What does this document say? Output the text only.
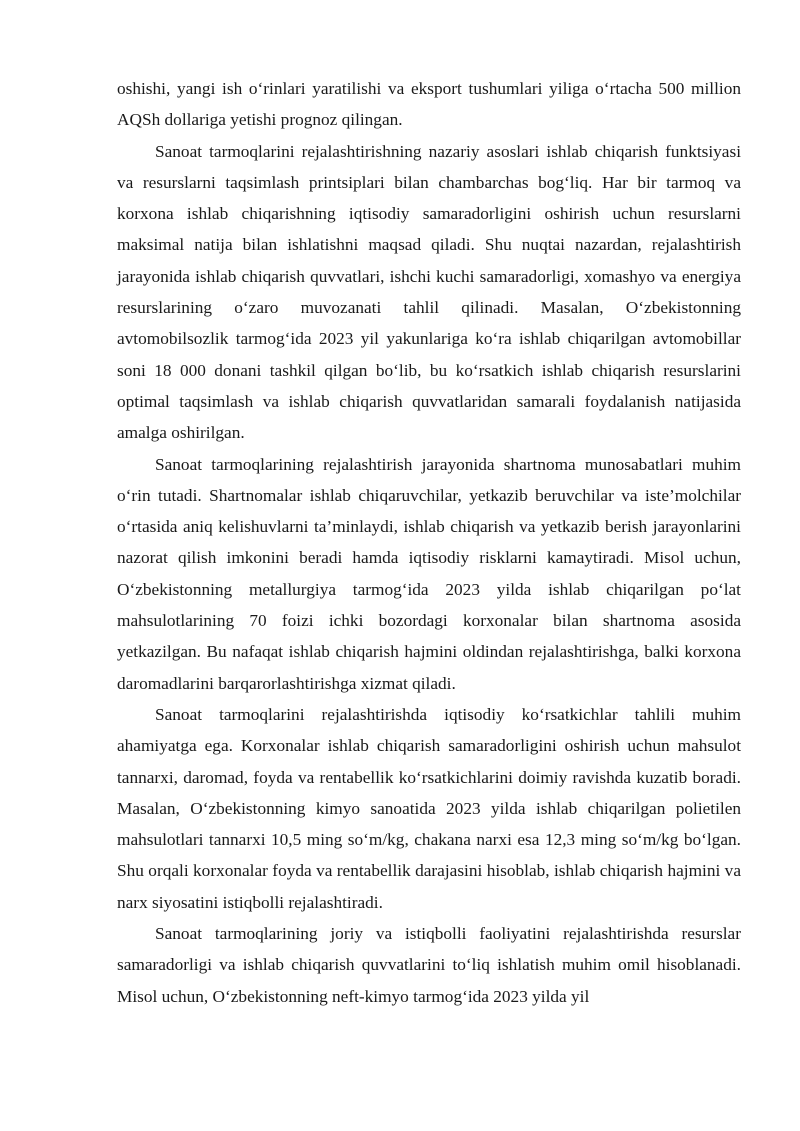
oshishi, yangi ish o‘rinlari yaratilishi va eksport tushumlari yiliga o‘rtacha 500 million AQSh dollariga yetishi prognoz qilingan.

Sanoat tarmoqlarini rejalashtirishning nazariy asoslari ishlab chiqarish funktsiyasi va resurslarni taqsimlash printsiplari bilan chambarchas bog‘liq. Har bir tarmoq va korxona ishlab chiqarishning iqtisodiy samaradorligini oshirish uchun resurslarni maksimal natija bilan ishlatishni maqsad qiladi. Shu nuqtai nazardan, rejalashtirish jarayonida ishlab chiqarish quvvatlari, ishchi kuchi samaradorligi, xomashyo va energiya resurslarining o‘zaro muvozanati tahlil qilinadi. Masalan, O‘zbekistonning avtomobilsozlik tarmog‘ida 2023 yil yakunlariga ko‘ra ishlab chiqarilgan avtomobillar soni 18 000 donani tashkil qilgan bo‘lib, bu ko‘rsatkich ishlab chiqarish resurslarini optimal taqsimlash va ishlab chiqarish quvvatlaridan samarali foydalanish natijasida amalga oshirilgan.

Sanoat tarmoqlarining rejalashtirish jarayonida shartnoma munosabatlari muhim o‘rin tutadi. Shartnomalar ishlab chiqaruvchilar, yetkazib beruvchilar va iste’molchilar o‘rtasida aniq kelishuvlarni ta’minlaydi, ishlab chiqarish va yetkazib berish jarayonlarini nazorat qilish imkonini beradi hamda iqtisodiy risklarni kamaytiradi. Misol uchun, O‘zbekistonning metallurgiya tarmog‘ida 2023 yilda ishlab chiqarilgan po‘lat mahsulotlarining 70 foizi ichki bozordagi korxonalar bilan shartnoma asosida yetkazilgan. Bu nafaqat ishlab chiqarish hajmini oldindan rejalashtirishga, balki korxona daromadlarini barqarorlashtirishga xizmat qiladi.

Sanoat tarmoqlarini rejalashtirishda iqtisodiy ko‘rsatkichlar tahlili muhim ahamiyatga ega. Korxonalar ishlab chiqarish samaradorligini oshirish uchun mahsulot tannarxi, daromad, foyda va rentabellik ko‘rsatkichlarini doimiy ravishda kuzatib boradi. Masalan, O‘zbekistonning kimyo sanoatida 2023 yilda ishlab chiqarilgan polietilen mahsulotlari tannarxi 10,5 ming so‘m/kg, chakana narxi esa 12,3 ming so‘m/kg bo‘lgan. Shu orqali korxonalar foyda va rentabellik darajasini hisoblab, ishlab chiqarish hajmini va narx siyosatini istiqbolli rejalashtiradi.

Sanoat tarmoqlarining joriy va istiqbolli faoliyatini rejalashtirishda resurslar samaradorligi va ishlab chiqarish quvvatlarini to‘liq ishlatish muhim omil hisoblanadi. Misol uchun, O‘zbekistonning neft-kimyo tarmog‘ida 2023 yilda yil
